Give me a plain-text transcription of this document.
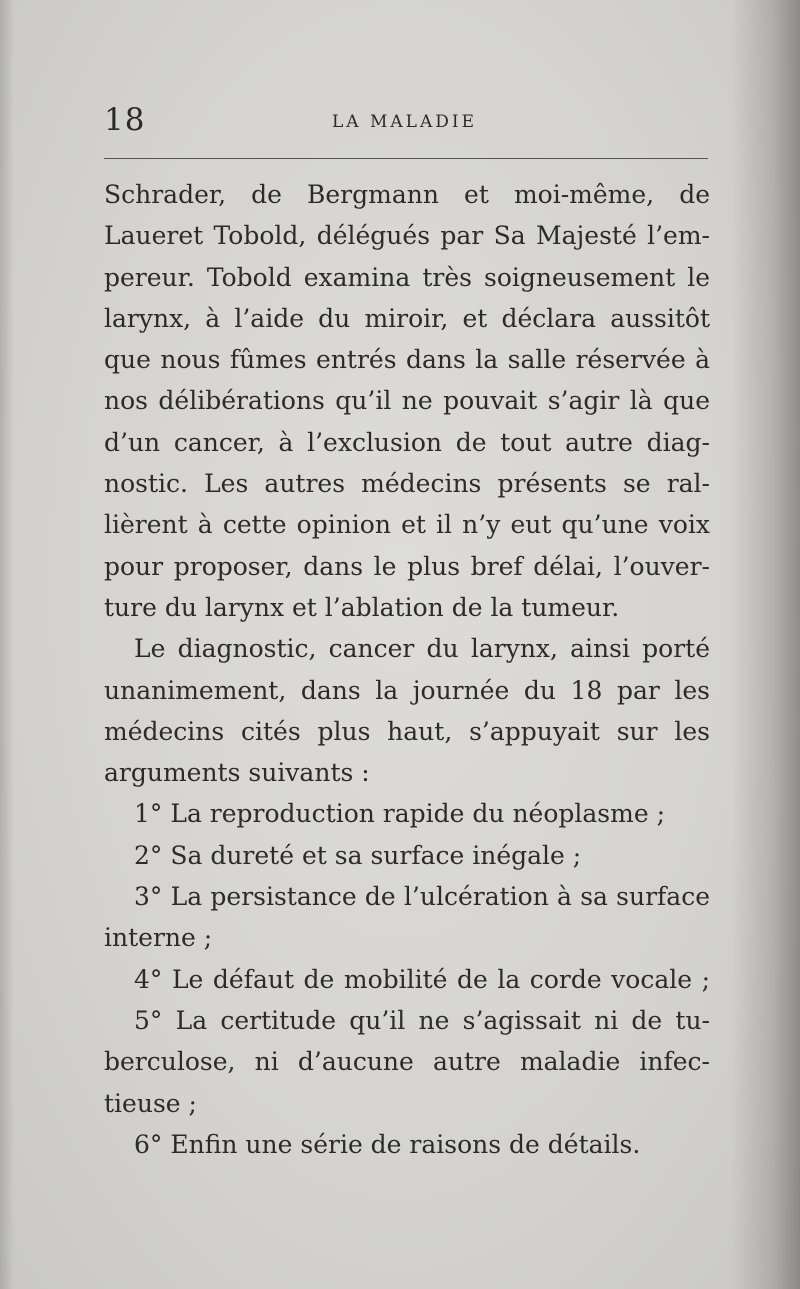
18	LA MALADIE
Schrader, de Bergmann et moi-même, de
Laueret Tobold, délégués par Sa Majesté l’em-
pereur. Tobold examina très soigneusement le
larynx, à l’aide du miroir, et déclara aussitôt
que nous fûmes entrés dans la salle réservée à
nos délibérations qu’il ne pouvait s’agir là que
d’un cancer, à l’exclusion de tout autre diag-
nostic. Les autres médecins présents se ral-
lièrent à cette opinion et il n’y eut qu’une voix
pour proposer, dans le plus bref délai, l’ouver-
ture du larynx et l’ablation de la tumeur.
Le diagnostic, cancer du larynx, ainsi porté
unanimement, dans la journée du 18 par les
médecins cités plus haut, s’appuyait sur les
arguments suivants :
1° La reproduction rapide du néoplasme ;
2° Sa dureté et sa surface inégale ;
3° La persistance de l’ulcération à sa surface
interne ;
4° Le défaut de mobilité de la corde vocale ;
5° La certitude qu’il ne s’agissait ni de tu-
berculose, ni d’aucune autre maladie infec-
tieuse ;
6° Enfin une série de raisons de détails.
